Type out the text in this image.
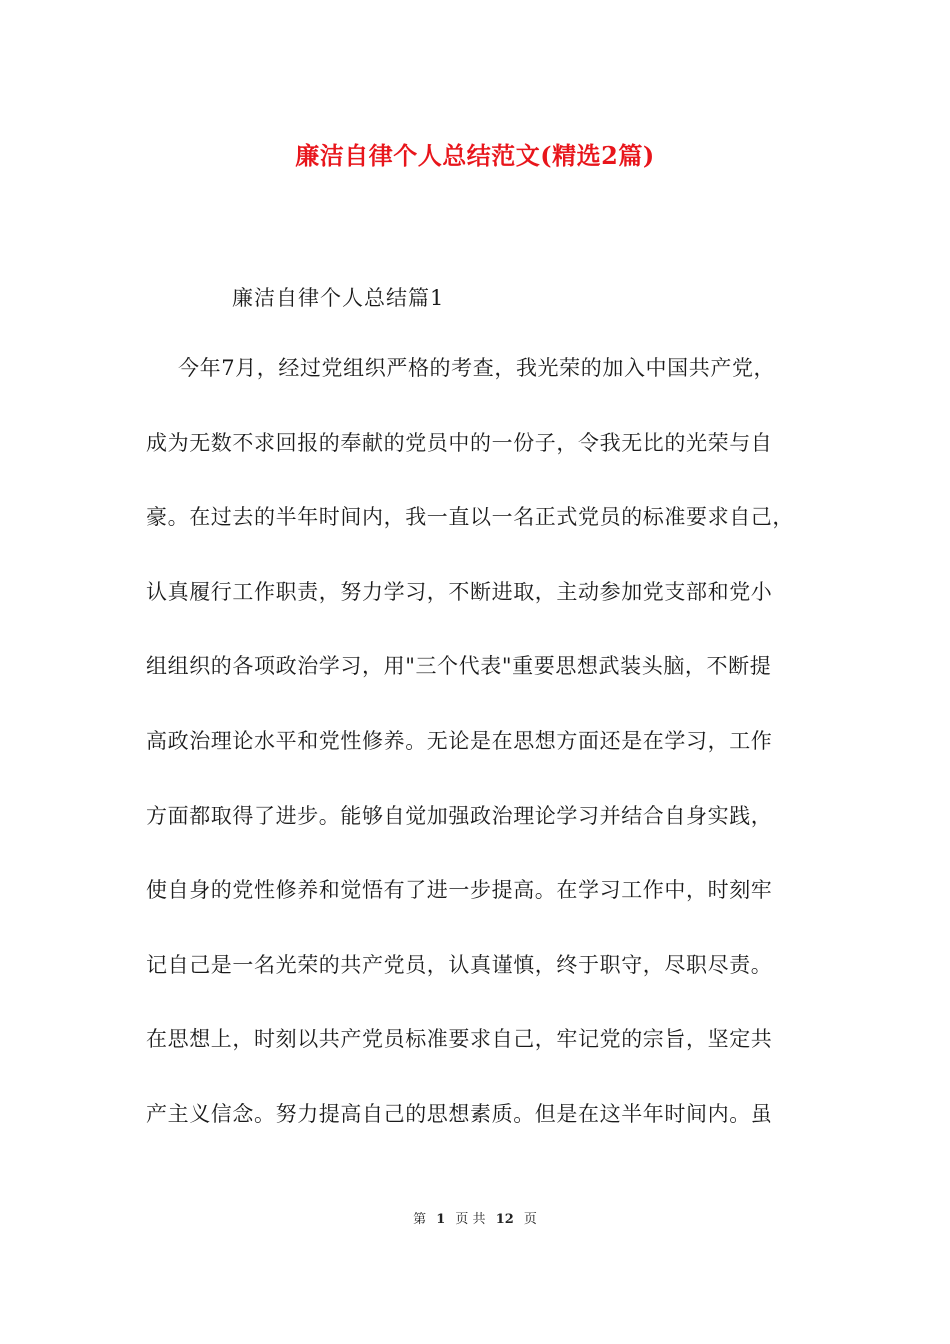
廉洁自律个人总结范文(精选2篇)
廉洁自律个人总结篇1
今年7月，经过党组织严格的考查，我光荣的加入中国共产党，
成为无数不求回报的奉献的党员中的一份子，令我无比的光荣与自
豪。在过去的半年时间内，我一直以一名正式党员的标准要求自己，
认真履行工作职责，努力学习，不断进取，主动参加党支部和党小
组组织的各项政治学习，用"三个代表"重要思想武装头脑，不断提
高政治理论水平和党性修养。无论是在思想方面还是在学习，工作
方面都取得了进步。能够自觉加强政治理论学习并结合自身实践，
使自身的党性修养和觉悟有了进一步提高。在学习工作中，时刻牢
记自己是一名光荣的共产党员，认真谨慎，终于职守，尽职尽责。
在思想上，时刻以共产党员标准要求自己，牢记党的宗旨，坚定共
产主义信念。努力提高自己的思想素质。但是在这半年时间内。虽
第 1 页 共 12 页
